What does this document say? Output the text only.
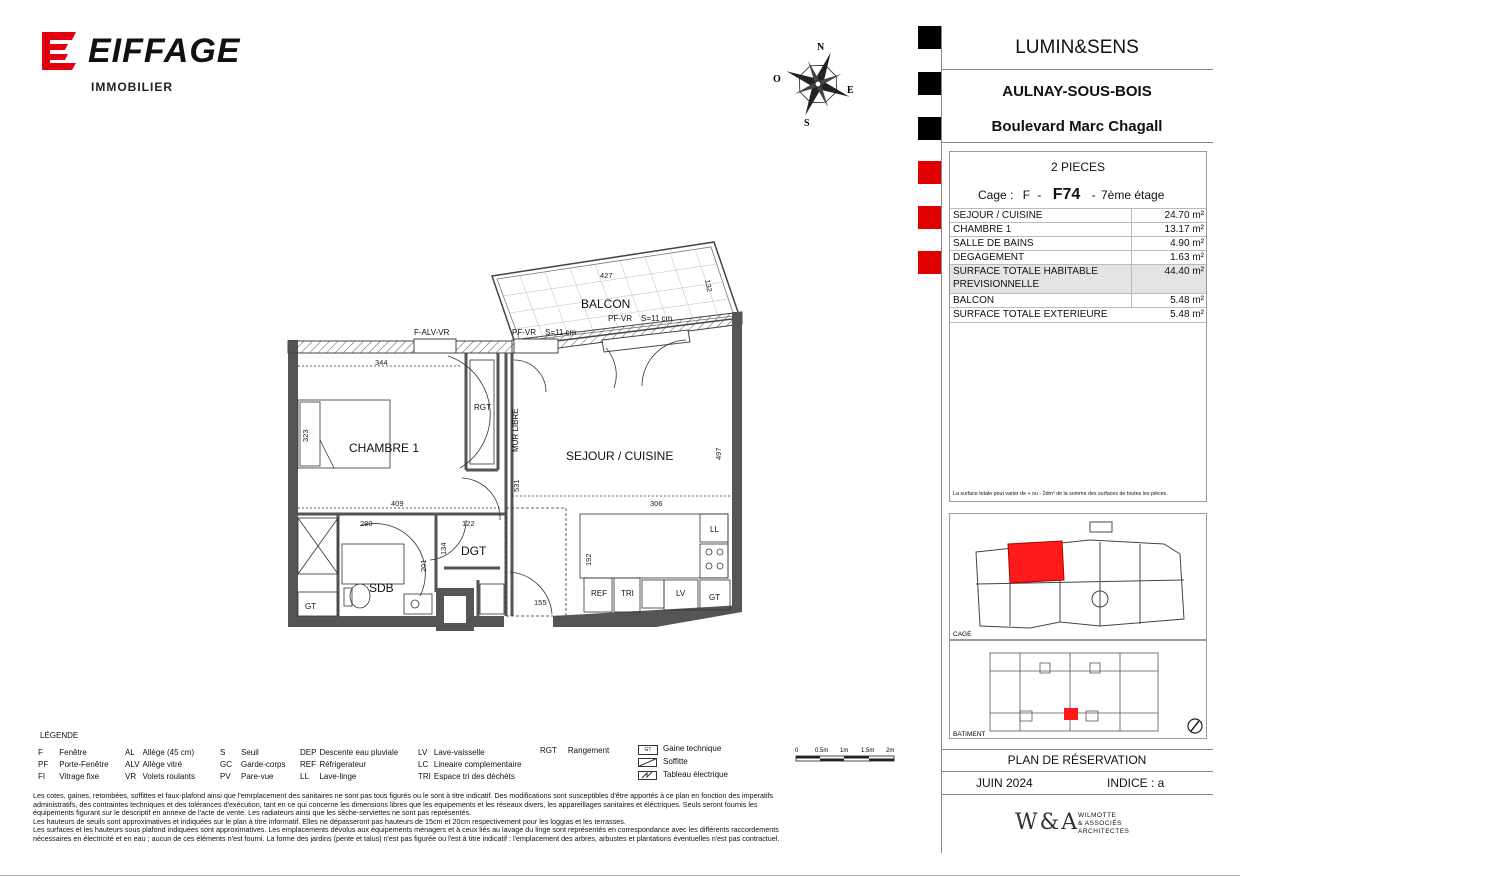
EIFFAGE
IMMOBILIER
N
S
E
O
CHAMBRE 1
SEJOUR / CUISINE
BALCON
DGT
SDB
RGT
LL
REF TRI	LV
GT
GT
MUR LIBRE
F-ALV-VR	PF-VR S=11 cm
PF-VR S=11 cm
344
323
409
280	122
134
201
531
497
306
192
155
427
132
LUMIN&SENS
AULNAY-SOUS-BOIS
Boulevard Marc Chagall
2 PIECES
Cage : F - F74 - 7ème étage
SEJOUR / CUISINE	24.70 m²
CHAMBRE 1	13.17 m²
SALLE DE BAINS	4.90 m²
DEGAGEMENT	1.63 m²
SURFACE TOTALE HABITABLE
PREVISIONNELLE
44.40 m²
BALCON	5.48 m²
SURFACE TOTALE EXTERIEURE	5.48 m²
La surface totale peut varier de + ou - 2dm² de la somme des surfaces de toutes les pièces.
CAGE
BATIMENT
PLAN DE RÉSERVATION
JUIN 2024	INDICE : a
W&A
WILMOTTE
& ASSOCIÉS
ARCHITECTES
LÉGENDE
F	Fenêtre
PF	Porte-Fenêtre
FI	Vitrage fixe
AL	Allège (45 cm)
ALV	Allège vitré
VR	Volets roulants
S	Seuil
GC	Garde-corps
PV	Pare-vue
DEP	Descente eau pluviale
REF	Réfrigerateur
LL	Lave-linge
LV	Lave-vaisselle
LC	Lineaire complementaire
TRI	Espace tri des déchéts
RGT	Rangement	GT	Gaine technique
Soffitte
Tableau électrique
0	0.5m 1m 1.5m 2m
Les cotes, gaines, retombées, soffittes et faux-plafond ainsi que l'emrplacement des sanitaires ne sont pas tous figurés ou le sont à titre indicatif. Des modifications sont susceptibles d'être apportés à ce plan en fonction des imperatifs
administratifs, des contraintes techniques et des tolérances d'exécution, tant en ce qui concerne les dimensions libres que les equipements et les réseaux divers, les appareillages sanitaires et éléctriques. Seuls seront fournis les
équipements figurant sur le descriptif en annexe de l'acte de vente. Les radiateurs ainsi que les sèche-serviettes ne sont pas représentés.
Les hauteurs de seuils sont approximatives et indiquées sur le plan à titre informatif. Elles ne dépasseront pas hauteurs de 15cm et 20cm respectivement pour les loggias et les terrasses.
Les surfaces et les hauteurs sous plafond indiquées sont approximatives. Les emplacements dévolus aux équipements ménagers et à ceux liés au lavage du linge sont représentés en correspondance avec les différents raccordements
nécessaires en électricité et en eau ; aucun de ces éléments n'est fourni. La forme des jardins (pente et talus) n'est pas figurée ou l'est à titre indicatif : l'emplacement des arbres, arbustes et plantations éventuelles n'est pas contractuel.
